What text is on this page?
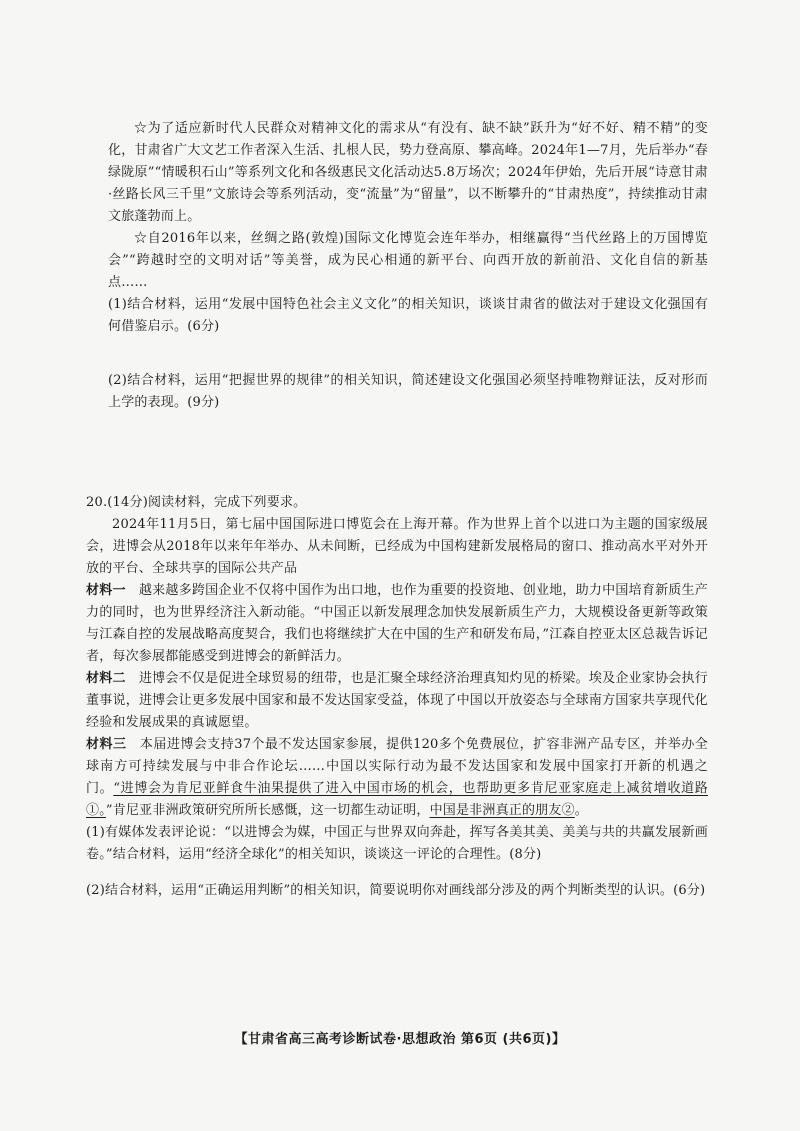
☆为了适应新时代人民群众对精神文化的需求从“有没有、缺不缺”跃升为“好不好、精不精”的变化，甘肃省广大文艺工作者深入生活、扎根人民，势力登高原、攀高峰。2024年1—7月，先后举办“春绿陇原”“情暖积石山”等系列文化和各级惠民文化活动达5.8万场次；2024年伊始，先后开展“诗意甘肃·丝路长风三千里”文旅诗会等系列活动，变“流量”为“留量”，以不断攀升的“甘肃热度”，持续推动甘肃文旅蓬勃而上。

☆自2016年以来，丝绸之路(敦煌)国际文化博览会连年举办，相继赢得“当代丝路上的万国博览会”“跨越时空的文明对话”等美誉，成为民心相通的新平台、向西开放的新前沿、文化自信的新基点……

(1)结合材料，运用“发展中国特色社会主义文化”的相关知识，谈谈甘肃省的做法对于建设文化强国有何借鉴启示。(6分)

(2)结合材料，运用“把握世界的规律”的相关知识，简述建设文化强国必须坚持唯物辩证法，反对形而上学的表现。(9分)

20.(14分)阅读材料，完成下列要求。

2024年11月5日，第七届中国国际进口博览会在上海开幕。作为世界上首个以进口为主题的国家级展会，进博会从2018年以来年年举办、从未间断，已经成为中国构建新发展格局的窗口、推动高水平对外开放的平台、全球共享的国际公共产品

材料一　 越来越多跨国企业不仅将中国作为出口地，也作为重要的投资地、创业地，助力中国培育新质生产力的同时，也为世界经济注入新动能。“中国正以新发展理念加快发展新质生产力，大规模设备更新等政策与江森自控的发展战略高度契合，我们也将继续扩大在中国的生产和研发布局，”江森自控亚太区总裁告诉记者，每次参展都能感受到进博会的新鲜活力。

材料二　 进博会不仅是促进全球贸易的纽带，也是汇聚全球经济治理真知灼见的桥梁。埃及企业家协会执行董事说，进博会让更多发展中国家和最不发达国家受益，体现了中国以开放姿态与全球南方国家共享现代化经验和发展成果的真诚愿望。

材料三　 本届进博会支持37个最不发达国家参展，提供120多个免费展位，扩容非洲产品专区，并举办全球南方可持续发展与中非合作论坛……中国以实际行动为最不发达国家和发展中国家打开新的机遇之门。“进博会为肯尼亚鲜食牛油果提供了进入中国市场的机会，也帮助更多肯尼亚家庭走上减贫增收道路①。”肯尼亚非洲政策研究所所长感慨，这一切都生动证明，中国是非洲真正的朋友②。

(1)有媒体发表评论说：“以进博会为媒，中国正与世界双向奔赴，挥写各美其美、美美与共的共赢发展新画卷。”结合材料，运用“经济全球化”的相关知识，谈谈这一评论的合理性。(8分)

(2)结合材料，运用“正确运用判断”的相关知识，简要说明你对画线部分涉及的两个判断类型的认识。(6分)

【甘肃省高三高考诊断试卷·思想政治 第6页 (共6页)】
